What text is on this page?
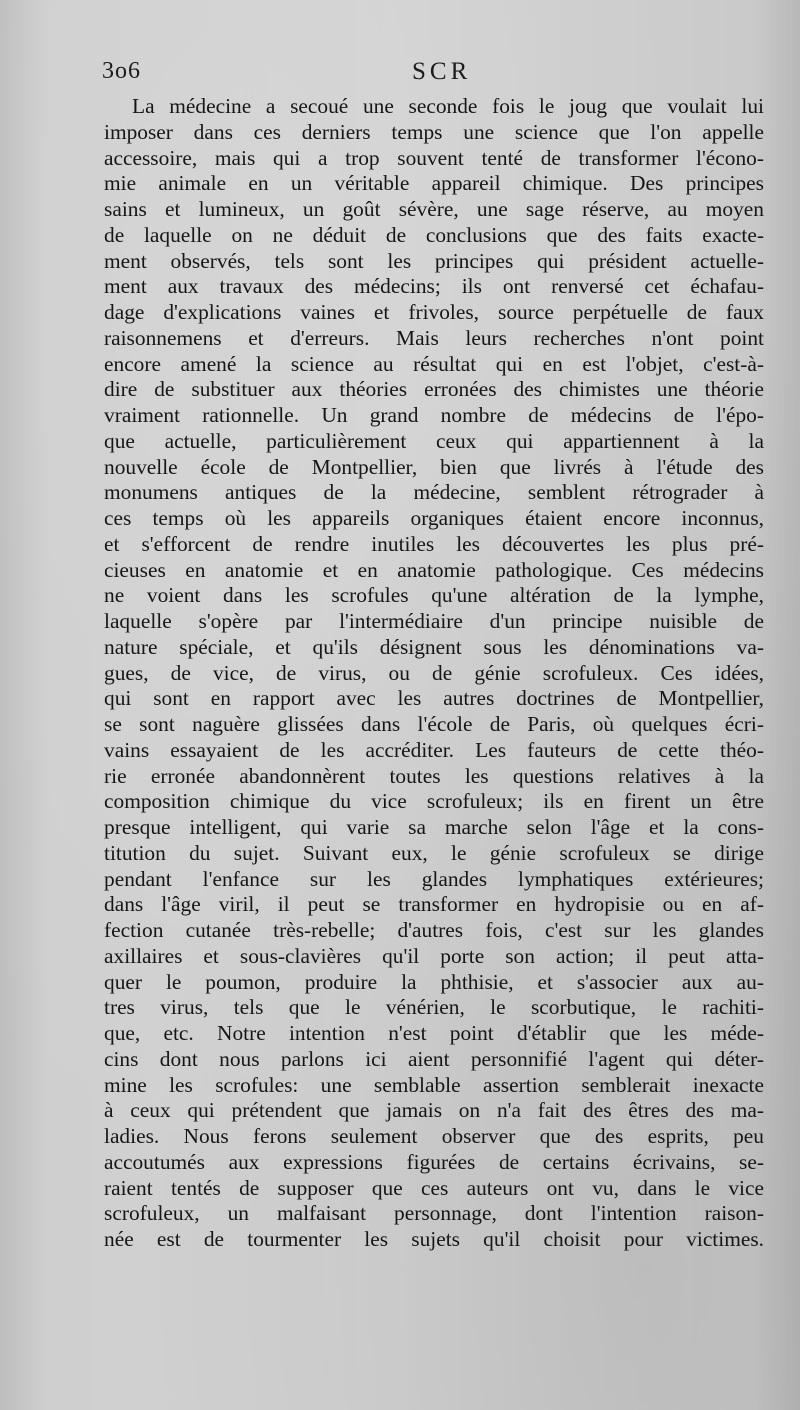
3o6	SCR
La médecine a secoué une seconde fois le joug que voulait lui
imposer dans ces derniers temps une science que l'on appelle
accessoire, mais qui a trop souvent tenté de transformer l'écono-
mie animale en un véritable appareil chimique. Des principes
sains et lumineux, un goût sévère, une sage réserve, au moyen
de laquelle on ne déduit de conclusions que des faits exacte-
ment observés, tels sont les principes qui président actuelle-
ment aux travaux des médecins; ils ont renversé cet échafau-
dage d'explications vaines et frivoles, source perpétuelle de faux
raisonnemens et d'erreurs. Mais leurs recherches n'ont point
encore amené la science au résultat qui en est l'objet, c'est-à-
dire de substituer aux théories erronées des chimistes une théorie
vraiment rationnelle. Un grand nombre de médecins de l'épo-
que actuelle, particulièrement ceux qui appartiennent à la
nouvelle école de Montpellier, bien que livrés à l'étude des
monumens antiques de la médecine, semblent rétrograder à
ces temps où les appareils organiques étaient encore inconnus,
et s'efforcent de rendre inutiles les découvertes les plus pré-
cieuses en anatomie et en anatomie pathologique. Ces médecins
ne voient dans les scrofules qu'une altération de la lymphe,
laquelle s'opère par l'intermédiaire d'un principe nuisible de
nature spéciale, et qu'ils désignent sous les dénominations va-
gues, de vice, de virus, ou de génie scrofuleux. Ces idées,
qui sont en rapport avec les autres doctrines de Montpellier,
se sont naguère glissées dans l'école de Paris, où quelques écri-
vains essayaient de les accréditer. Les fauteurs de cette théo-
rie erronée abandonnèrent toutes les questions relatives à la
composition chimique du vice scrofuleux; ils en firent un être
presque intelligent, qui varie sa marche selon l'âge et la cons-
titution du sujet. Suivant eux, le génie scrofuleux se dirige
pendant l'enfance sur les glandes lymphatiques extérieures;
dans l'âge viril, il peut se transformer en hydropisie ou en af-
fection cutanée très-rebelle; d'autres fois, c'est sur les glandes
axillaires et sous-clavières qu'il porte son action; il peut atta-
quer le poumon, produire la phthisie, et s'associer aux au-
tres virus, tels que le vénérien, le scorbutique, le rachiti-
que, etc. Notre intention n'est point d'établir que les méde-
cins dont nous parlons ici aient personnifié l'agent qui déter-
mine les scrofules: une semblable assertion semblerait inexacte
à ceux qui prétendent que jamais on n'a fait des êtres des ma-
ladies. Nous ferons seulement observer que des esprits, peu
accoutumés aux expressions figurées de certains écrivains, se-
raient tentés de supposer que ces auteurs ont vu, dans le vice
scrofuleux, un malfaisant personnage, dont l'intention raison-
née est de tourmenter les sujets qu'il choisit pour victimes.
